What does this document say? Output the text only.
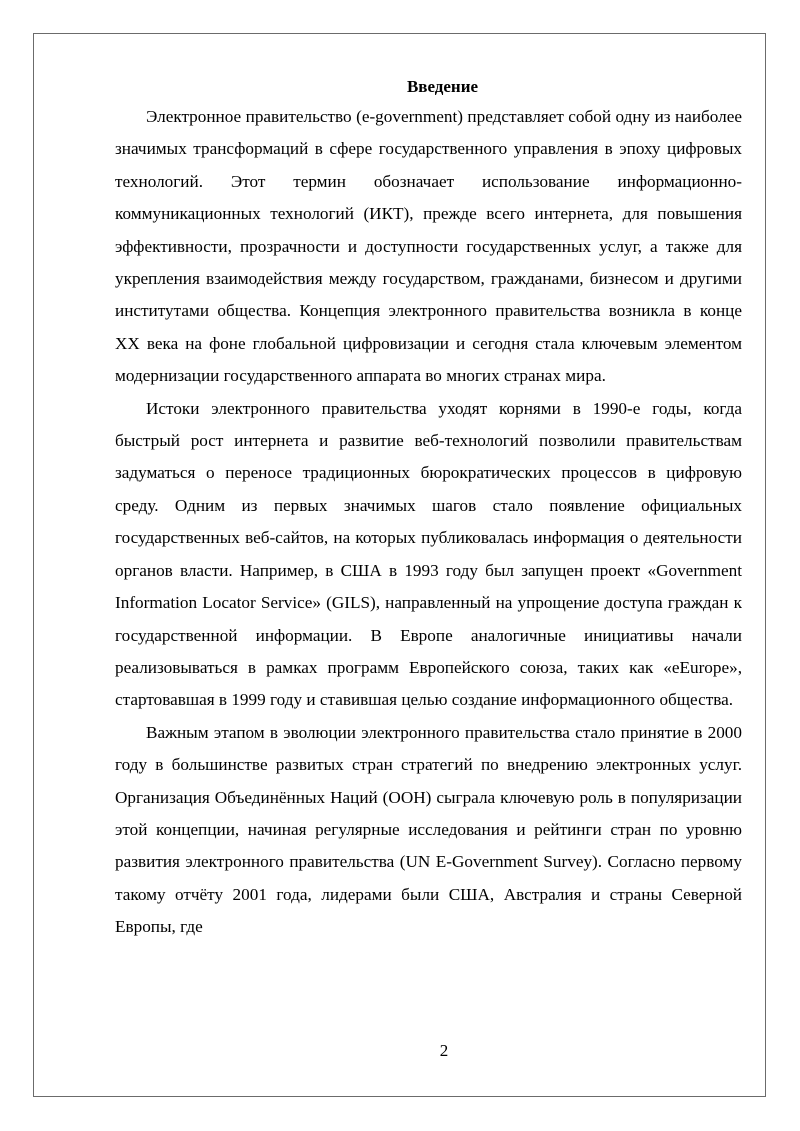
Введение

Электронное правительство (e-government) представляет собой одну из наиболее значимых трансформаций в сфере государственного управления в эпоху цифровых технологий. Этот термин обозначает использование информационно-коммуникационных технологий (ИКТ), прежде всего интернета, для повышения эффективности, прозрачности и доступности государственных услуг, а также для укрепления взаимодействия между государством, гражданами, бизнесом и другими институтами общества. Концепция электронного правительства возникла в конце XX века на фоне глобальной цифровизации и сегодня стала ключевым элементом модернизации государственного аппарата во многих странах мира.

Истоки электронного правительства уходят корнями в 1990-е годы, когда быстрый рост интернета и развитие веб-технологий позволили правительствам задуматься о переносе традиционных бюрократических процессов в цифровую среду. Одним из первых значимых шагов стало появление официальных государственных веб-сайтов, на которых публиковалась информация о деятельности органов власти. Например, в США в 1993 году был запущен проект «Government Information Locator Service» (GILS), направленный на упрощение доступа граждан к государственной информации. В Европе аналогичные инициативы начали реализовываться в рамках программ Европейского союза, таких как «eEurope», стартовавшая в 1999 году и ставившая целью создание информационного общества.

Важным этапом в эволюции электронного правительства стало принятие в 2000 году в большинстве развитых стран стратегий по внедрению электронных услуг. Организация Объединённых Наций (ООН) сыграла ключевую роль в популяризации этой концепции, начиная регулярные исследования и рейтинги стран по уровню развития электронного правительства (UN E-Government Survey). Согласно первому такому отчёту 2001 года, лидерами были США, Австралия и страны Северной Европы, где

2
